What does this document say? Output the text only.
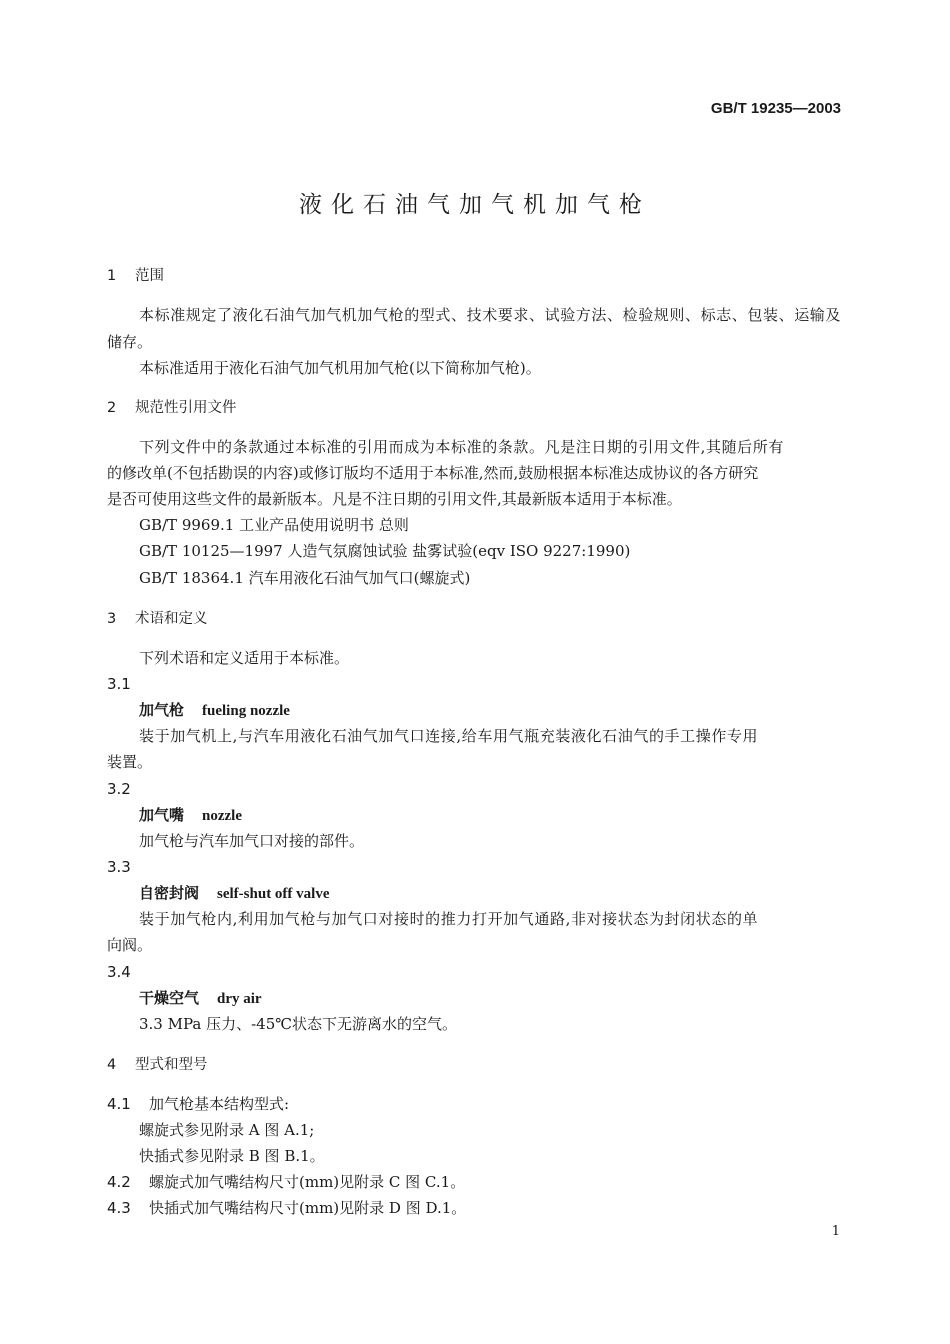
GB/T 19235—2003
液化石油气加气机加气枪
1 范围
本标准规定了液化石油气加气机加气枪的型式、技术要求、试验方法、检验规则、标志、包装、运输及
储存。
本标准适用于液化石油气加气机用加气枪(以下简称加气枪)。
2 规范性引用文件
下列文件中的条款通过本标准的引用而成为本标准的条款。凡是注日期的引用文件,其随后所有
的修改单(不包括勘误的内容)或修订版均不适用于本标准,然而,鼓励根据本标准达成协议的各方研究
是否可使用这些文件的最新版本。凡是不注日期的引用文件,其最新版本适用于本标准。
GB/T 9969.1 工业产品使用说明书 总则
GB/T 10125—1997 人造气氛腐蚀试验 盐雾试验(eqv ISO 9227:1990)
GB/T 18364.1 汽车用液化石油气加气口(螺旋式)
3 术语和定义
下列术语和定义适用于本标准。
3.1
加气枪 fueling nozzle
装于加气机上,与汽车用液化石油气加气口连接,给车用气瓶充装液化石油气的手工操作专用
装置。
3.2
加气嘴 nozzle
加气枪与汽车加气口对接的部件。
3.3
自密封阀 self-shut off valve
装于加气枪内,利用加气枪与加气口对接时的推力打开加气通路,非对接状态为封闭状态的单
向阀。
3.4
干燥空气 dry air
3.3 MPa 压力、-45℃状态下无游离水的空气。
4 型式和型号
4.1 加气枪基本结构型式:
螺旋式参见附录 A 图 A.1;
快插式参见附录 B 图 B.1。
4.2 螺旋式加气嘴结构尺寸(mm)见附录 C 图 C.1。
4.3 快插式加气嘴结构尺寸(mm)见附录 D 图 D.1。
1
